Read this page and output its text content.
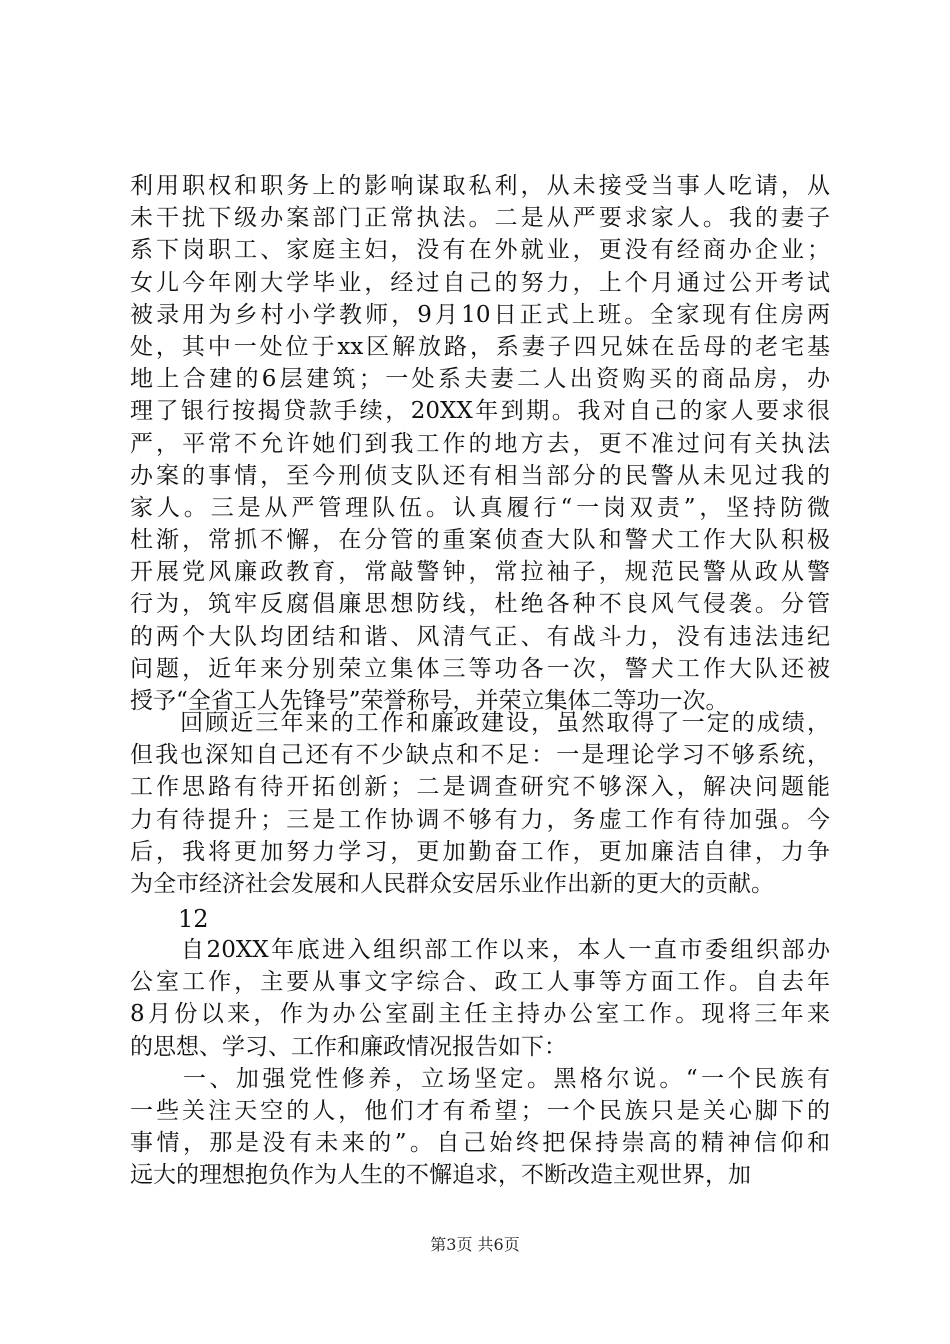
利用职权和职务上的影响谋取私利，从未接受当事人吃请，从
未干扰下级办案部门正常执法。二是从严要求家人。我的妻子
系下岗职工、家庭主妇，没有在外就业，更没有经商办企业；
女儿今年刚大学毕业，经过自己的努力，上个月通过公开考试
被录用为乡村小学教师，9月10日正式上班。全家现有住房两
处，其中一处位于xx区解放路，系妻子四兄妹在岳母的老宅基
地上合建的6层建筑；一处系夫妻二人出资购买的商品房，办
理了银行按揭贷款手续，20XX年到期。我对自己的家人要求很
严，平常不允许她们到我工作的地方去，更不准过问有关执法
办案的事情，至今刑侦支队还有相当部分的民警从未见过我的
家人。三是从严管理队伍。认真履行“一岗双责”，坚持防微
杜渐，常抓不懈，在分管的重案侦查大队和警犬工作大队积极
开展党风廉政教育，常敲警钟，常拉袖子，规范民警从政从警
行为，筑牢反腐倡廉思想防线，杜绝各种不良风气侵袭。分管
的两个大队均团结和谐、风清气正、有战斗力，没有违法违纪
问题，近年来分别荣立集体三等功各一次，警犬工作大队还被
授予“全省工人先锋号”荣誉称号，并荣立集体二等功一次。
　　回顾近三年来的工作和廉政建设，虽然取得了一定的成绩，
但我也深知自己还有不少缺点和不足：一是理论学习不够系统，
工作思路有待开拓创新；二是调查研究不够深入，解决问题能
力有待提升；三是工作协调不够有力，务虚工作有待加强。今
后，我将更加努力学习，更加勤奋工作，更加廉洁自律，力争
为全市经济社会发展和人民群众安居乐业作出新的更大的贡献。
12
　　自20XX年底进入组织部工作以来，本人一直市委组织部办
公室工作，主要从事文字综合、政工人事等方面工作。自去年
8月份以来，作为办公室副主任主持办公室工作。现将三年来
的思想、学习、工作和廉政情况报告如下：
　　一、加强党性修养，立场坚定。黑格尔说。“一个民族有
一些关注天空的人，他们才有希望；一个民族只是关心脚下的
事情，那是没有未来的”。自己始终把保持崇高的精神信仰和
远大的理想抱负作为人生的不懈追求，不断改造主观世界，加
第3页 共6页
